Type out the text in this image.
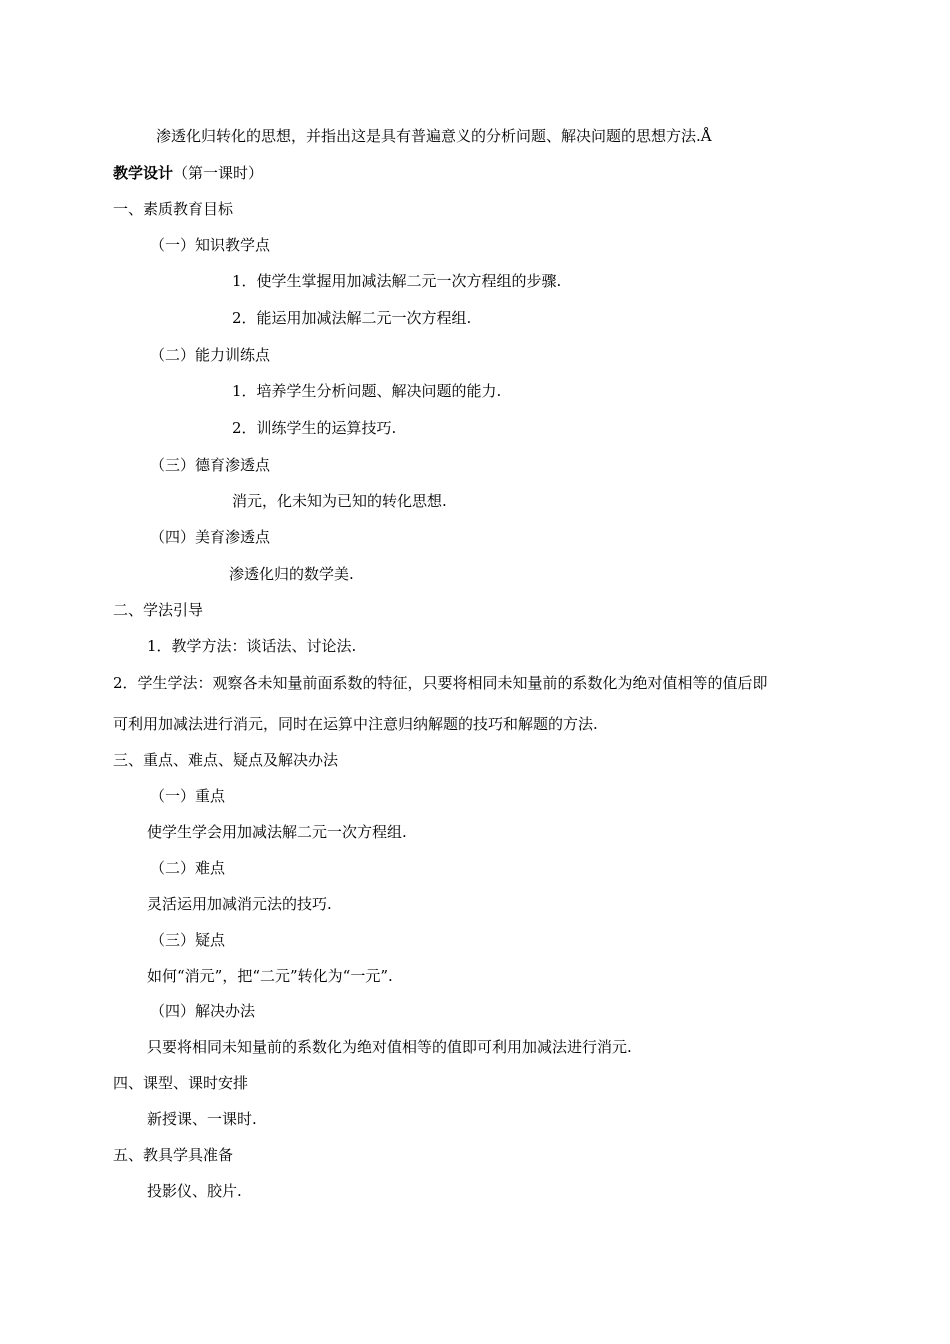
渗透化归转化的思想，并指出这是具有普遍意义的分析问题、解决问题的思想方法.Å
教学设计（第一课时）
一、素质教育目标
（一）知识教学点
1．使学生掌握用加减法解二元一次方程组的步骤.
2．能运用加减法解二元一次方程组.
（二）能力训练点
1．培养学生分析问题、解决问题的能力.
2．训练学生的运算技巧.
（三）德育渗透点
消元，化未知为已知的转化思想.
（四）美育渗透点
渗透化归的数学美.
二、学法引导
1．教学方法：谈话法、讨论法.
2．学生学法：观察各未知量前面系数的特征，只要将相同未知量前的系数化为绝对值相等的值后即
可利用加减法进行消元，同时在运算中注意归纳解题的技巧和解题的方法.
三、重点、难点、疑点及解决办法
（一）重点
使学生学会用加减法解二元一次方程组.
（二）难点
灵活运用加减消元法的技巧.
（三）疑点
如何“消元”，把“二元”转化为“一元”.
（四）解决办法
只要将相同未知量前的系数化为绝对值相等的值即可利用加减法进行消元.
四、课型、课时安排
新授课、一课时.
五、教具学具准备
投影仪、胶片.
